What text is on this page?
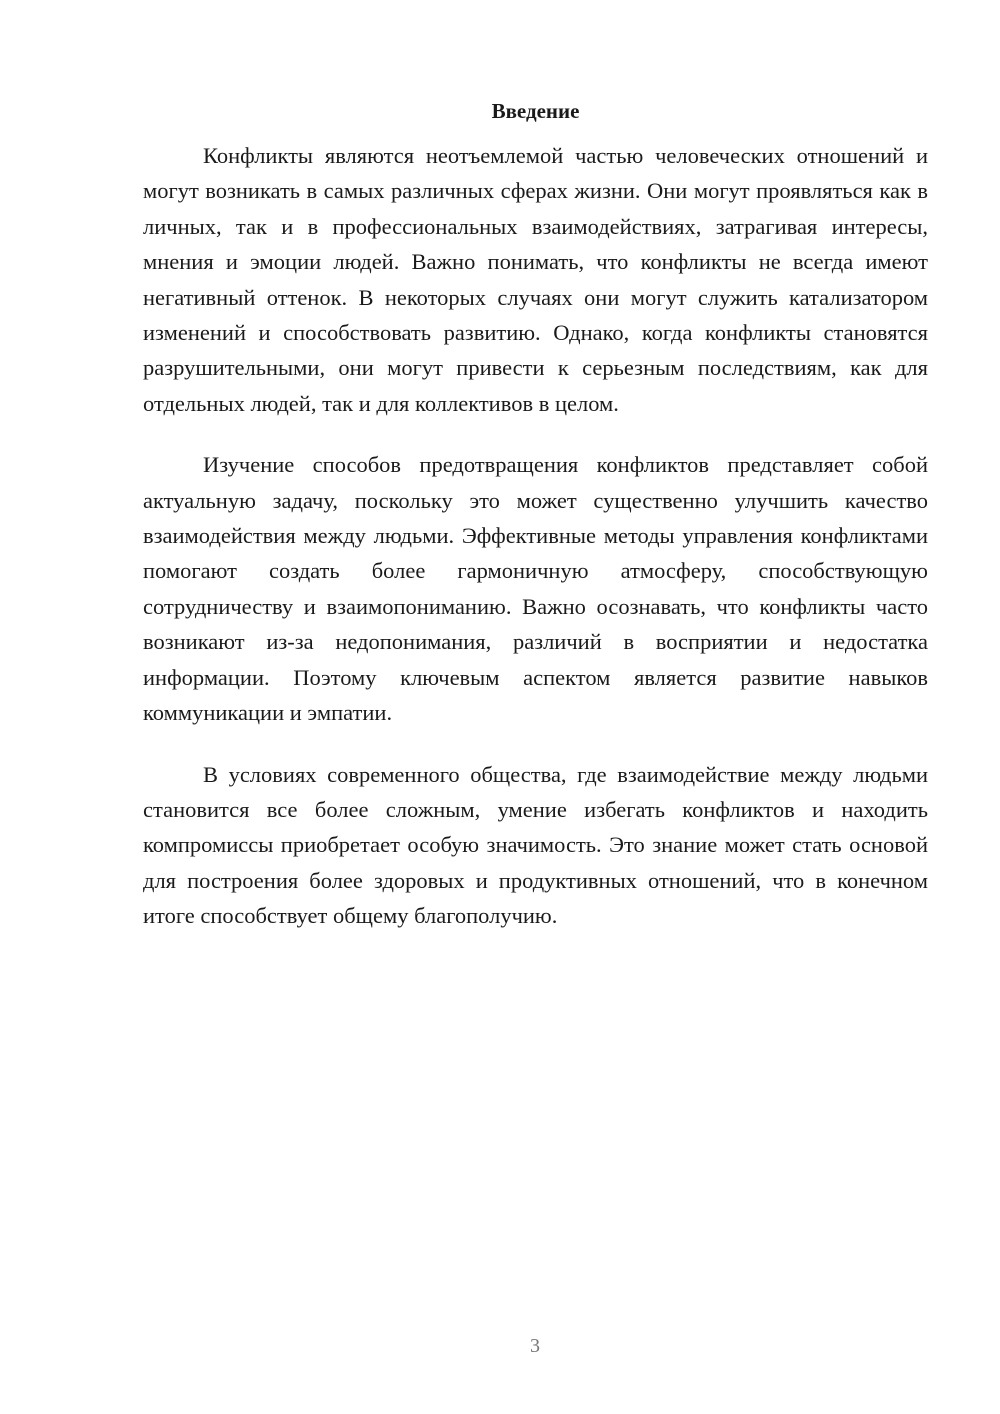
Введение

Конфликты являются неотъемлемой частью человеческих отношений и могут возникать в самых различных сферах жизни. Они могут проявляться как в личных, так и в профессиональных взаимодействиях, затрагивая интересы, мнения и эмоции людей. Важно понимать, что конфликты не всегда имеют негативный оттенок. В некоторых случаях они могут служить катализатором изменений и способствовать развитию. Однако, когда конфликты становятся разрушительными, они могут привести к серьезным последствиям, как для отдельных людей, так и для коллективов в целом.

Изучение способов предотвращения конфликтов представляет собой актуальную задачу, поскольку это может существенно улучшить качество взаимодействия между людьми. Эффективные методы управления конфликтами помогают создать более гармоничную атмосферу, способствующую сотрудничеству и взаимопониманию. Важно осознавать, что конфликты часто возникают из-за недопонимания, различий в восприятии и недостатка информации. Поэтому ключевым аспектом является развитие навыков коммуникации и эмпатии.

В условиях современного общества, где взаимодействие между людьми становится все более сложным, умение избегать конфликтов и находить компромиссы приобретает особую значимость. Это знание может стать основой для построения более здоровых и продуктивных отношений, что в конечном итоге способствует общему благополучию.

3
